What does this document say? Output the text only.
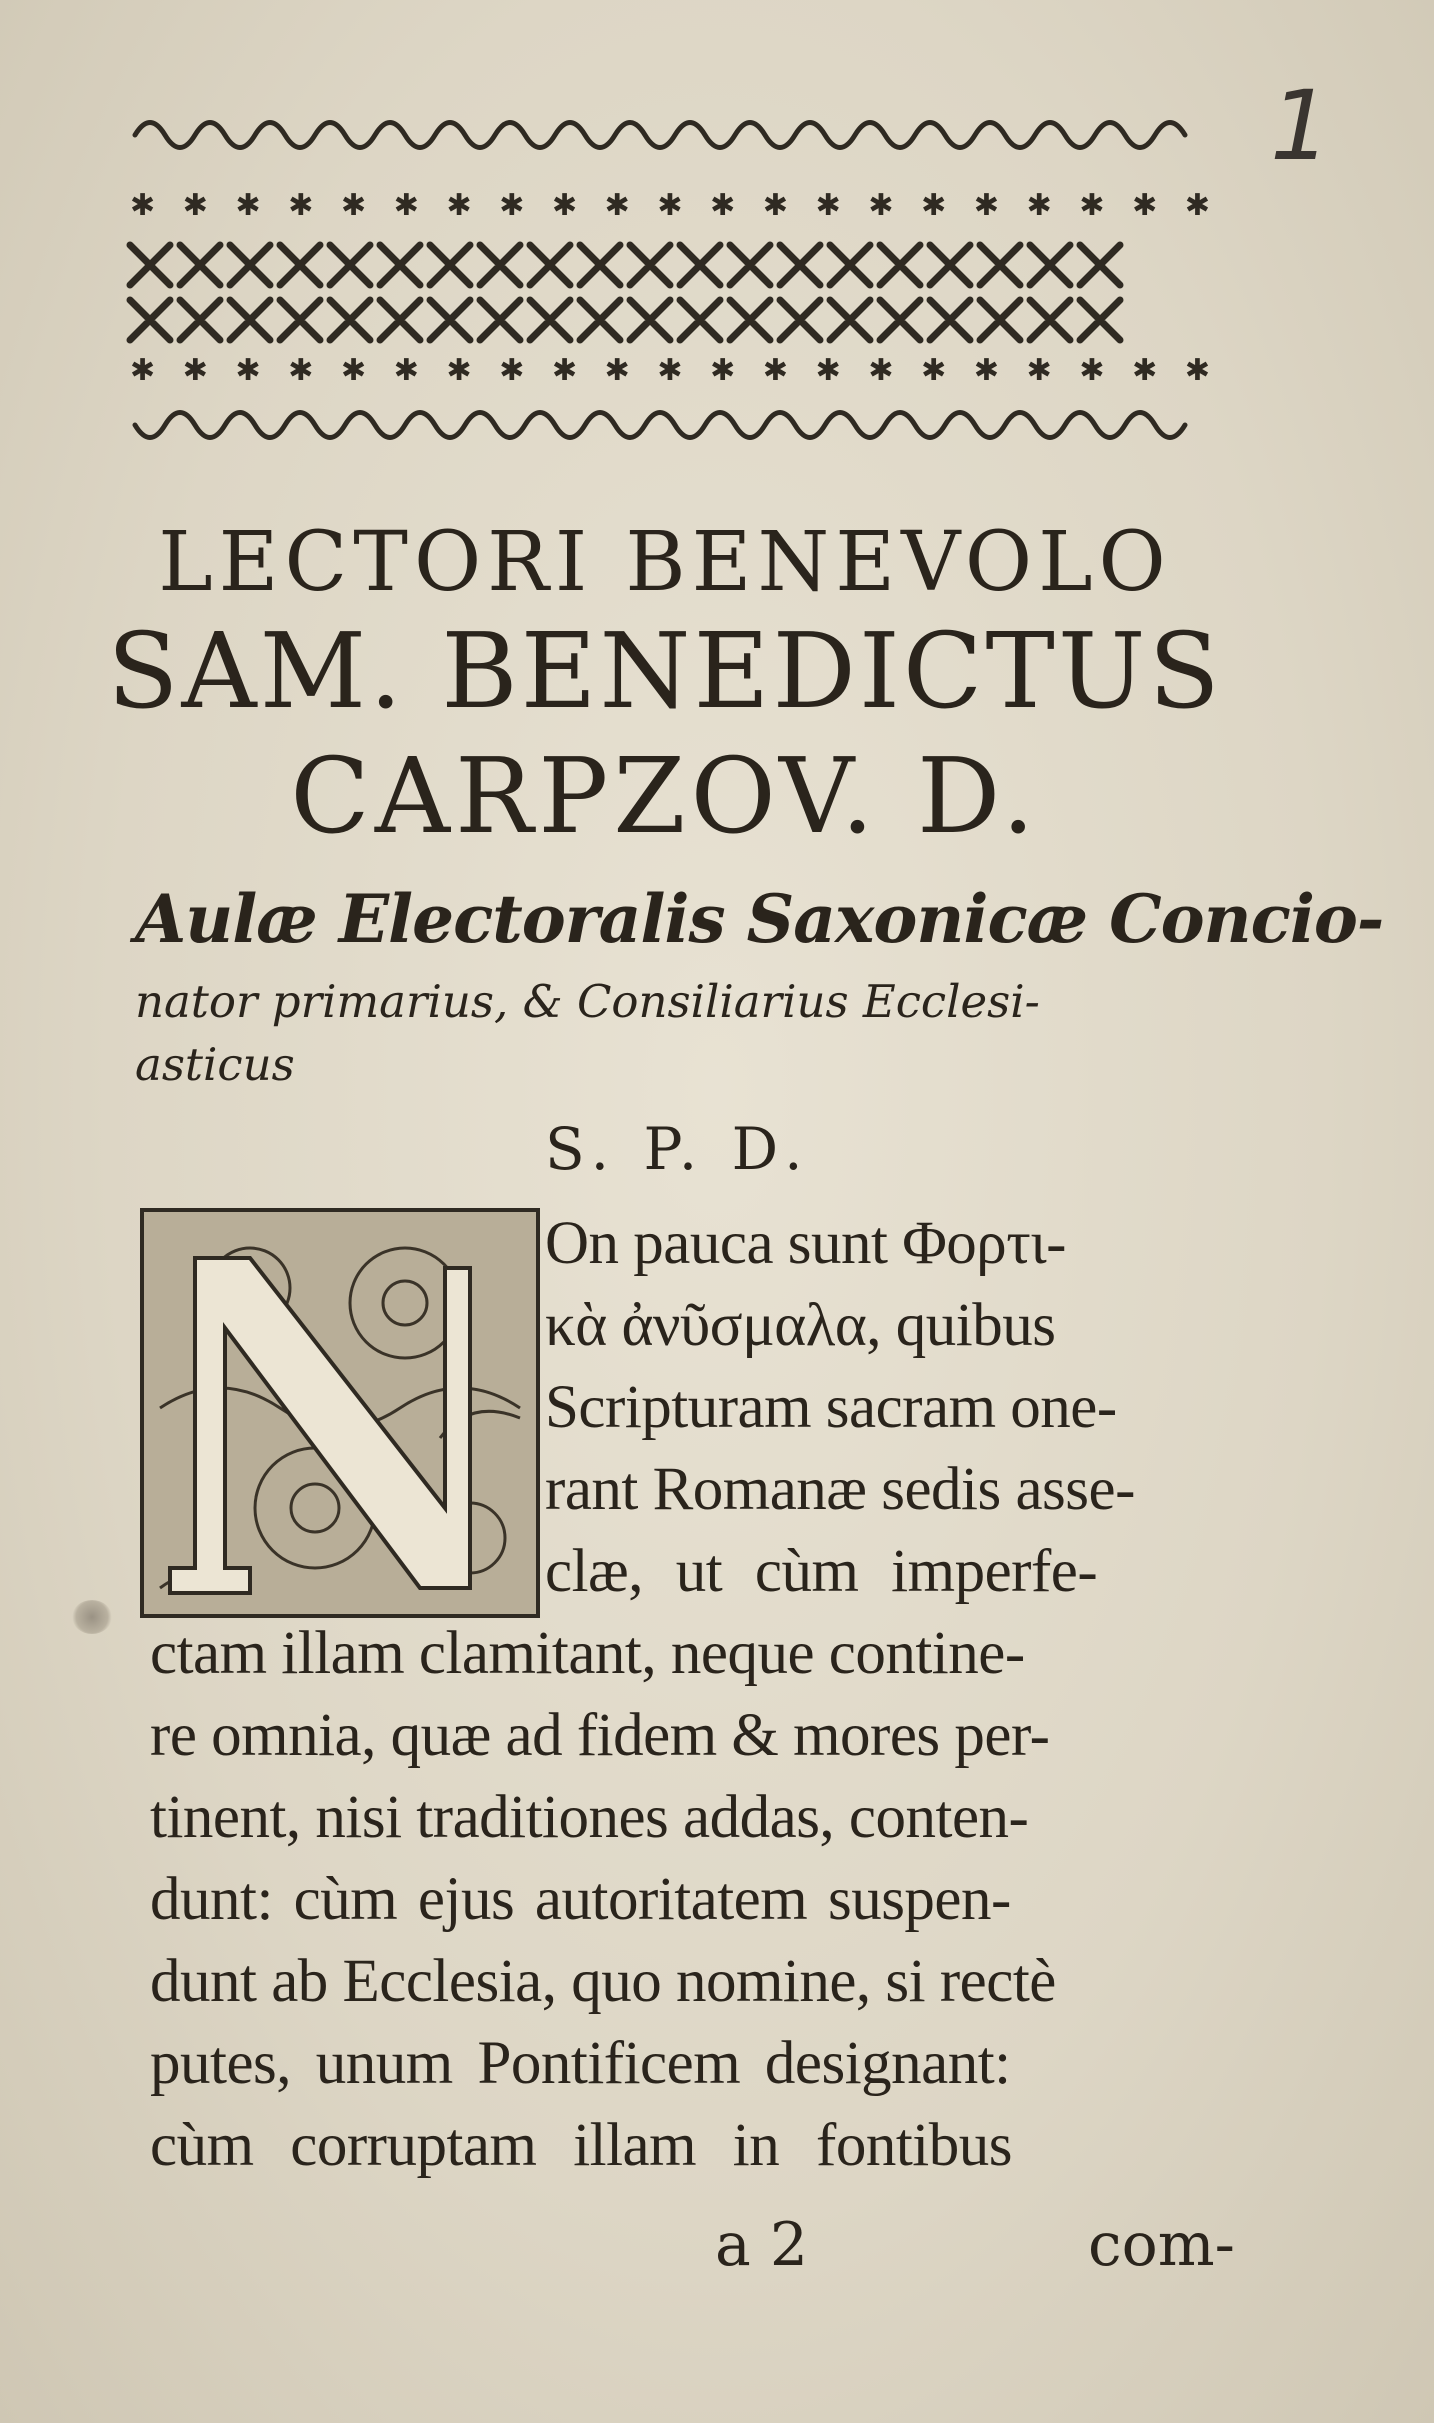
1
✱ ✱ ✱ ✱ ✱ ✱ ✱ ✱ ✱ ✱ ✱ ✱ ✱ ✱ ✱ ✱ ✱ ✱ ✱ ✱ ✱
✱ ✱ ✱ ✱ ✱ ✱ ✱ ✱ ✱ ✱ ✱ ✱ ✱ ✱ ✱ ✱ ✱ ✱ ✱ ✱ ✱
LECTORI BENEVOLO
SAM. BENEDICTUS
CARPZOV. D.
Aulæ Electoralis Saxonicæ Concio-
nator primarius, & Consiliarius Ecclesi-
asticus
S. P. D.
On pauca sunt Φορτι-
κὰ ἀνῦσμαλα, quibus
Scripturam sacram one-
rant Romanæ sedis asse-
clæ, ut cùm imperfe-
ctam illam clamitant, neque contine-
re omnia, quæ ad fidem & mores per-
tinent, nisi traditiones addas, conten-
dunt: cùm ejus autoritatem suspen-
dunt ab Ecclesia, quo nomine, si rectè
putes, unum Pontificem designant:
cùm corruptam illam in fontibus
a 2	com-
